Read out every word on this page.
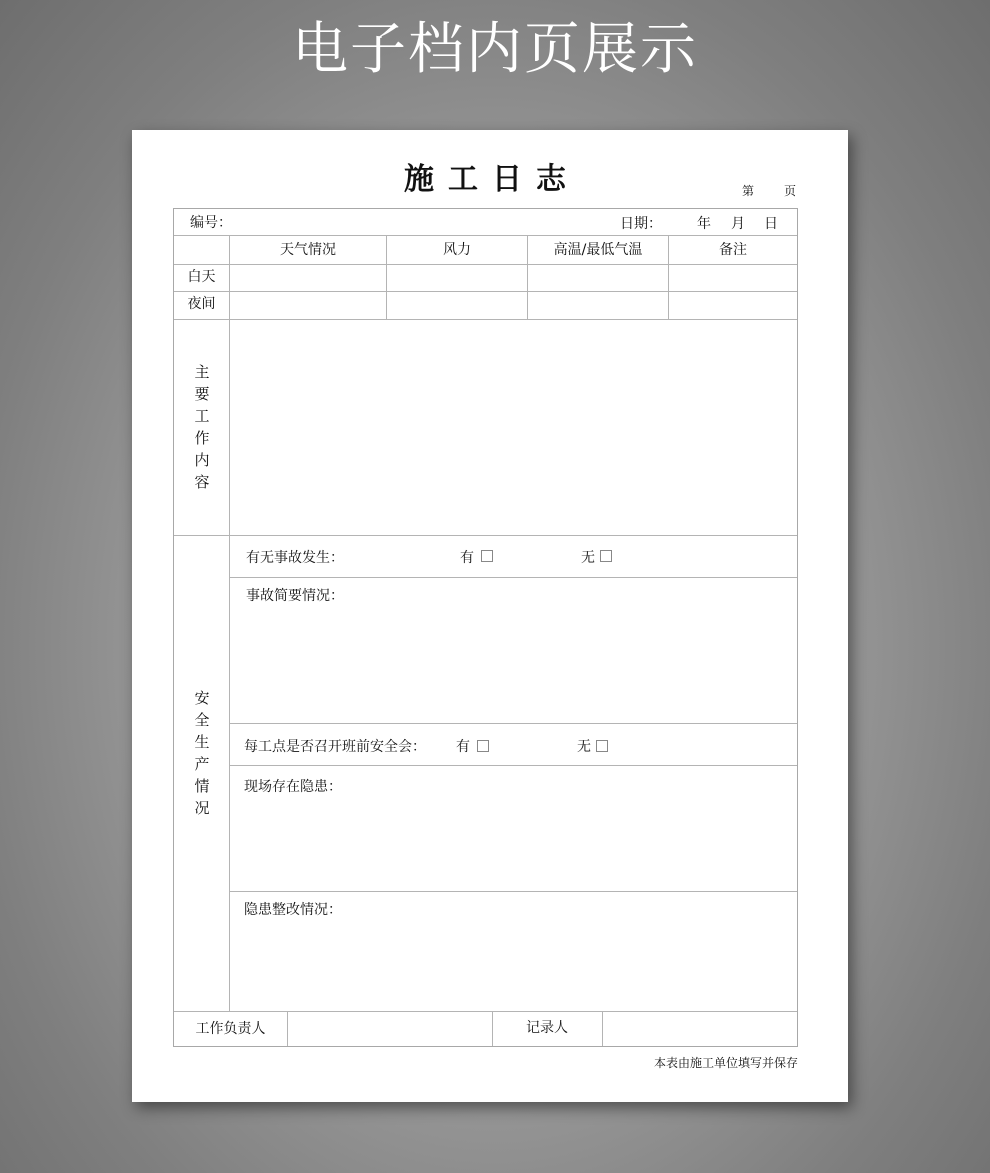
电子档内页展示
施工日志	第 页
编号：	日期：	年 月 日
天气情况	风力	高温/最低气温	备注
白天
夜间
主要工作内容
安全生产情况
有无事故发生：	有	无
事故简要情况：
每工点是否召开班前安全会： 有	无
现场存在隐患：
隐患整改情况：
工作负责人	记录人
本表由施工单位填写并保存
